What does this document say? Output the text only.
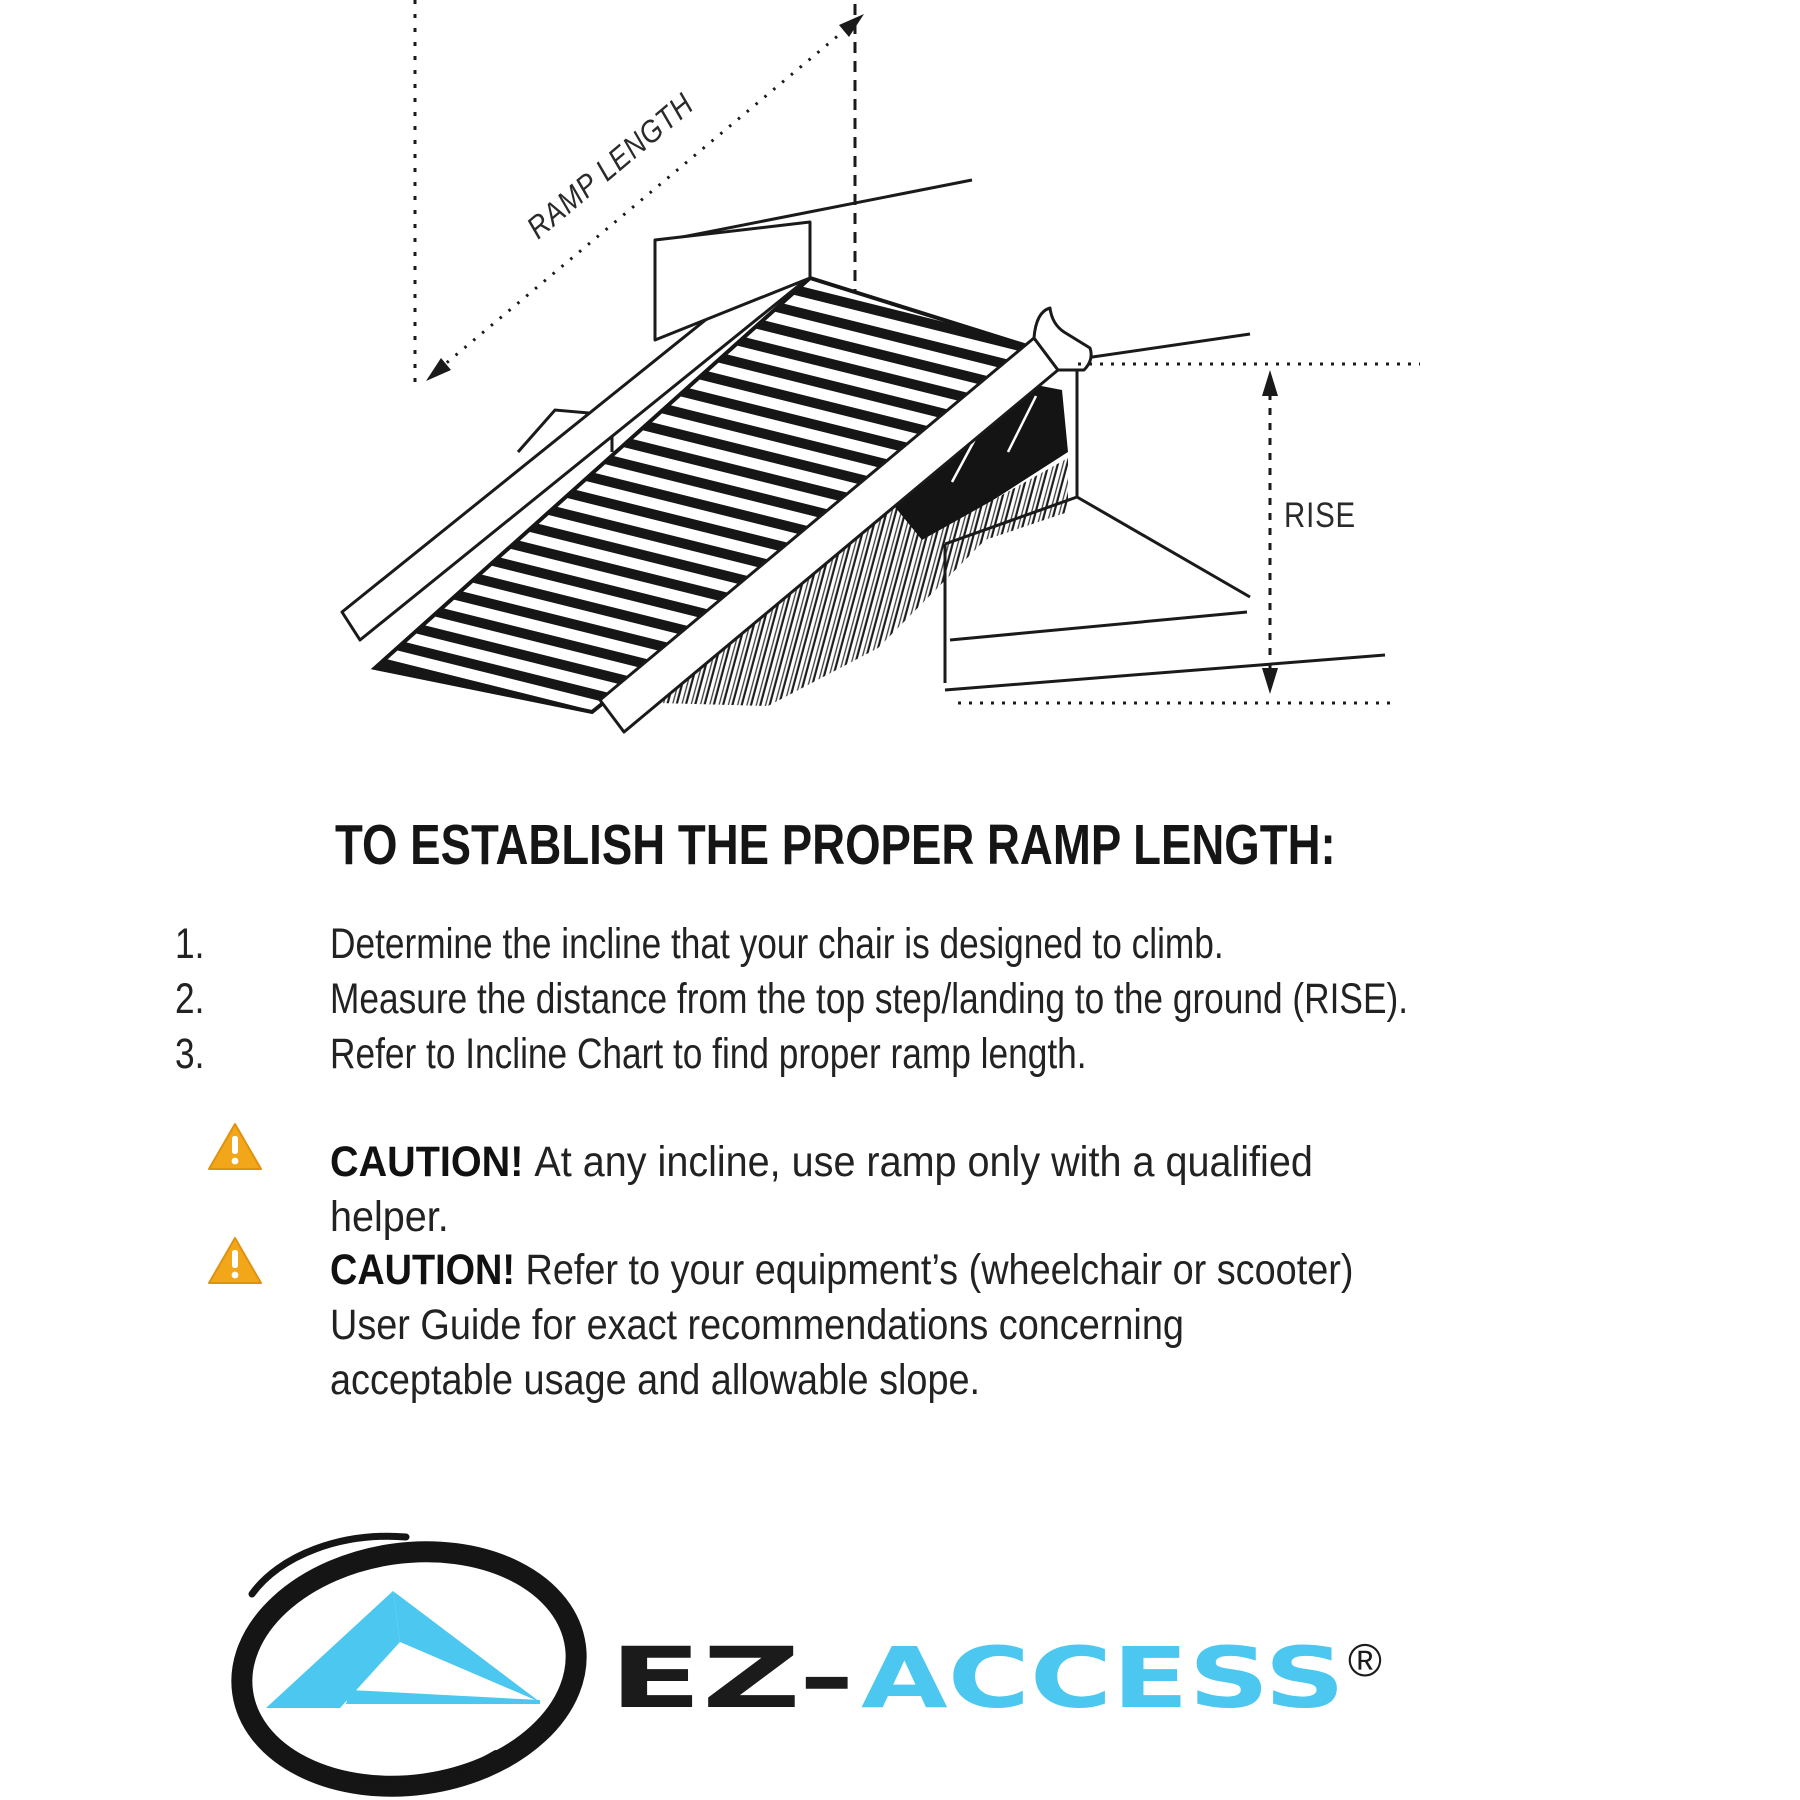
RAMP LENGTH
RISE
TO ESTABLISH THE PROPER RAMP LENGTH:
1.	Determine the incline that your chair is designed to climb.
2.	Measure the distance from the top step/landing to the ground (RISE).
3.	Refer to Incline Chart to find proper ramp length.
CAUTION! At any incline, use ramp only with a qualified
helper.
CAUTION! Refer to your equipment’s (wheelchair or scooter)
User Guide for exact recommendations concerning
acceptable usage and allowable slope.
EZ- ACCESS ®
